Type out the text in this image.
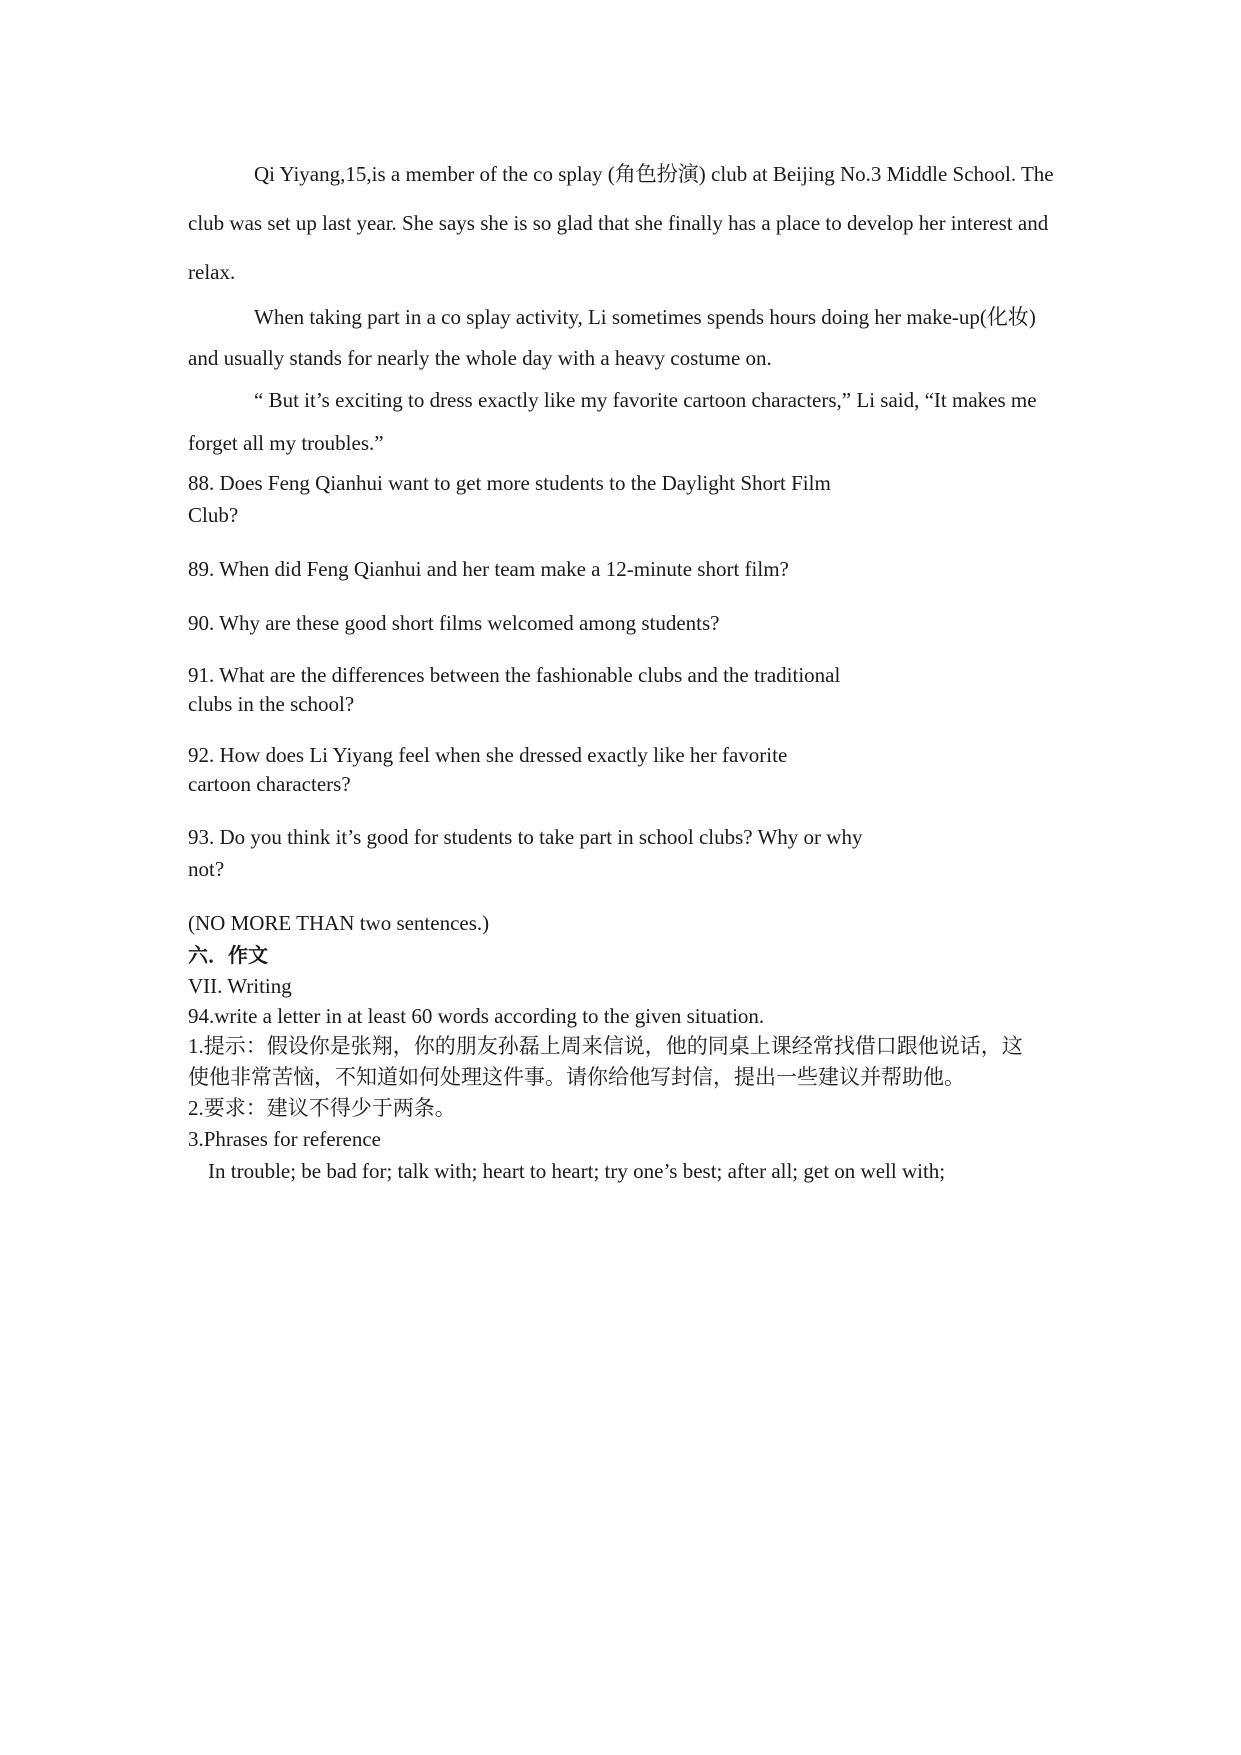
Qi Yiyang,15,is a member of the co splay (角色扮演) club at Beijing No.3 Middle School. The club was set up last year. She says she is so glad that she finally has a place to develop her interest and relax.

When taking part in a co splay activity, Li sometimes spends hours doing her make-up(化妆) and usually stands for nearly the whole day with a heavy costume on.

“ But it’s exciting to dress exactly like my favorite cartoon characters,” Li said, “It makes me forget all my troubles.”

88. Does Feng Qianhui want to get more students to the Daylight Short Film Club?

89. When did Feng Qianhui and her team make a 12-minute short film?

90. Why are these good short films welcomed among students?

91. What are the differences between the fashionable clubs and the traditional clubs in the school?

92. How does Li Yiyang feel when she dressed exactly like her favorite cartoon characters?

93. Do you think it’s good for students to take part in school clubs? Why or why not?

(NO MORE THAN two sentences.)

六．作文

VII. Writing

94.write a letter in at least 60 words according to the given situation.

1.提示：假设你是张翔，你的朋友孙磊上周来信说，他的同桌上课经常找借口跟他说话，这　 使他非常苦恼，不知道如何处理这件事。请你给他写封信，提出一些建议并帮助他。

2.要求：建议不得少于两条。

3.Phrases for reference

In trouble; be bad for; talk with; heart to heart; try one’s best; after all; get on well with;
